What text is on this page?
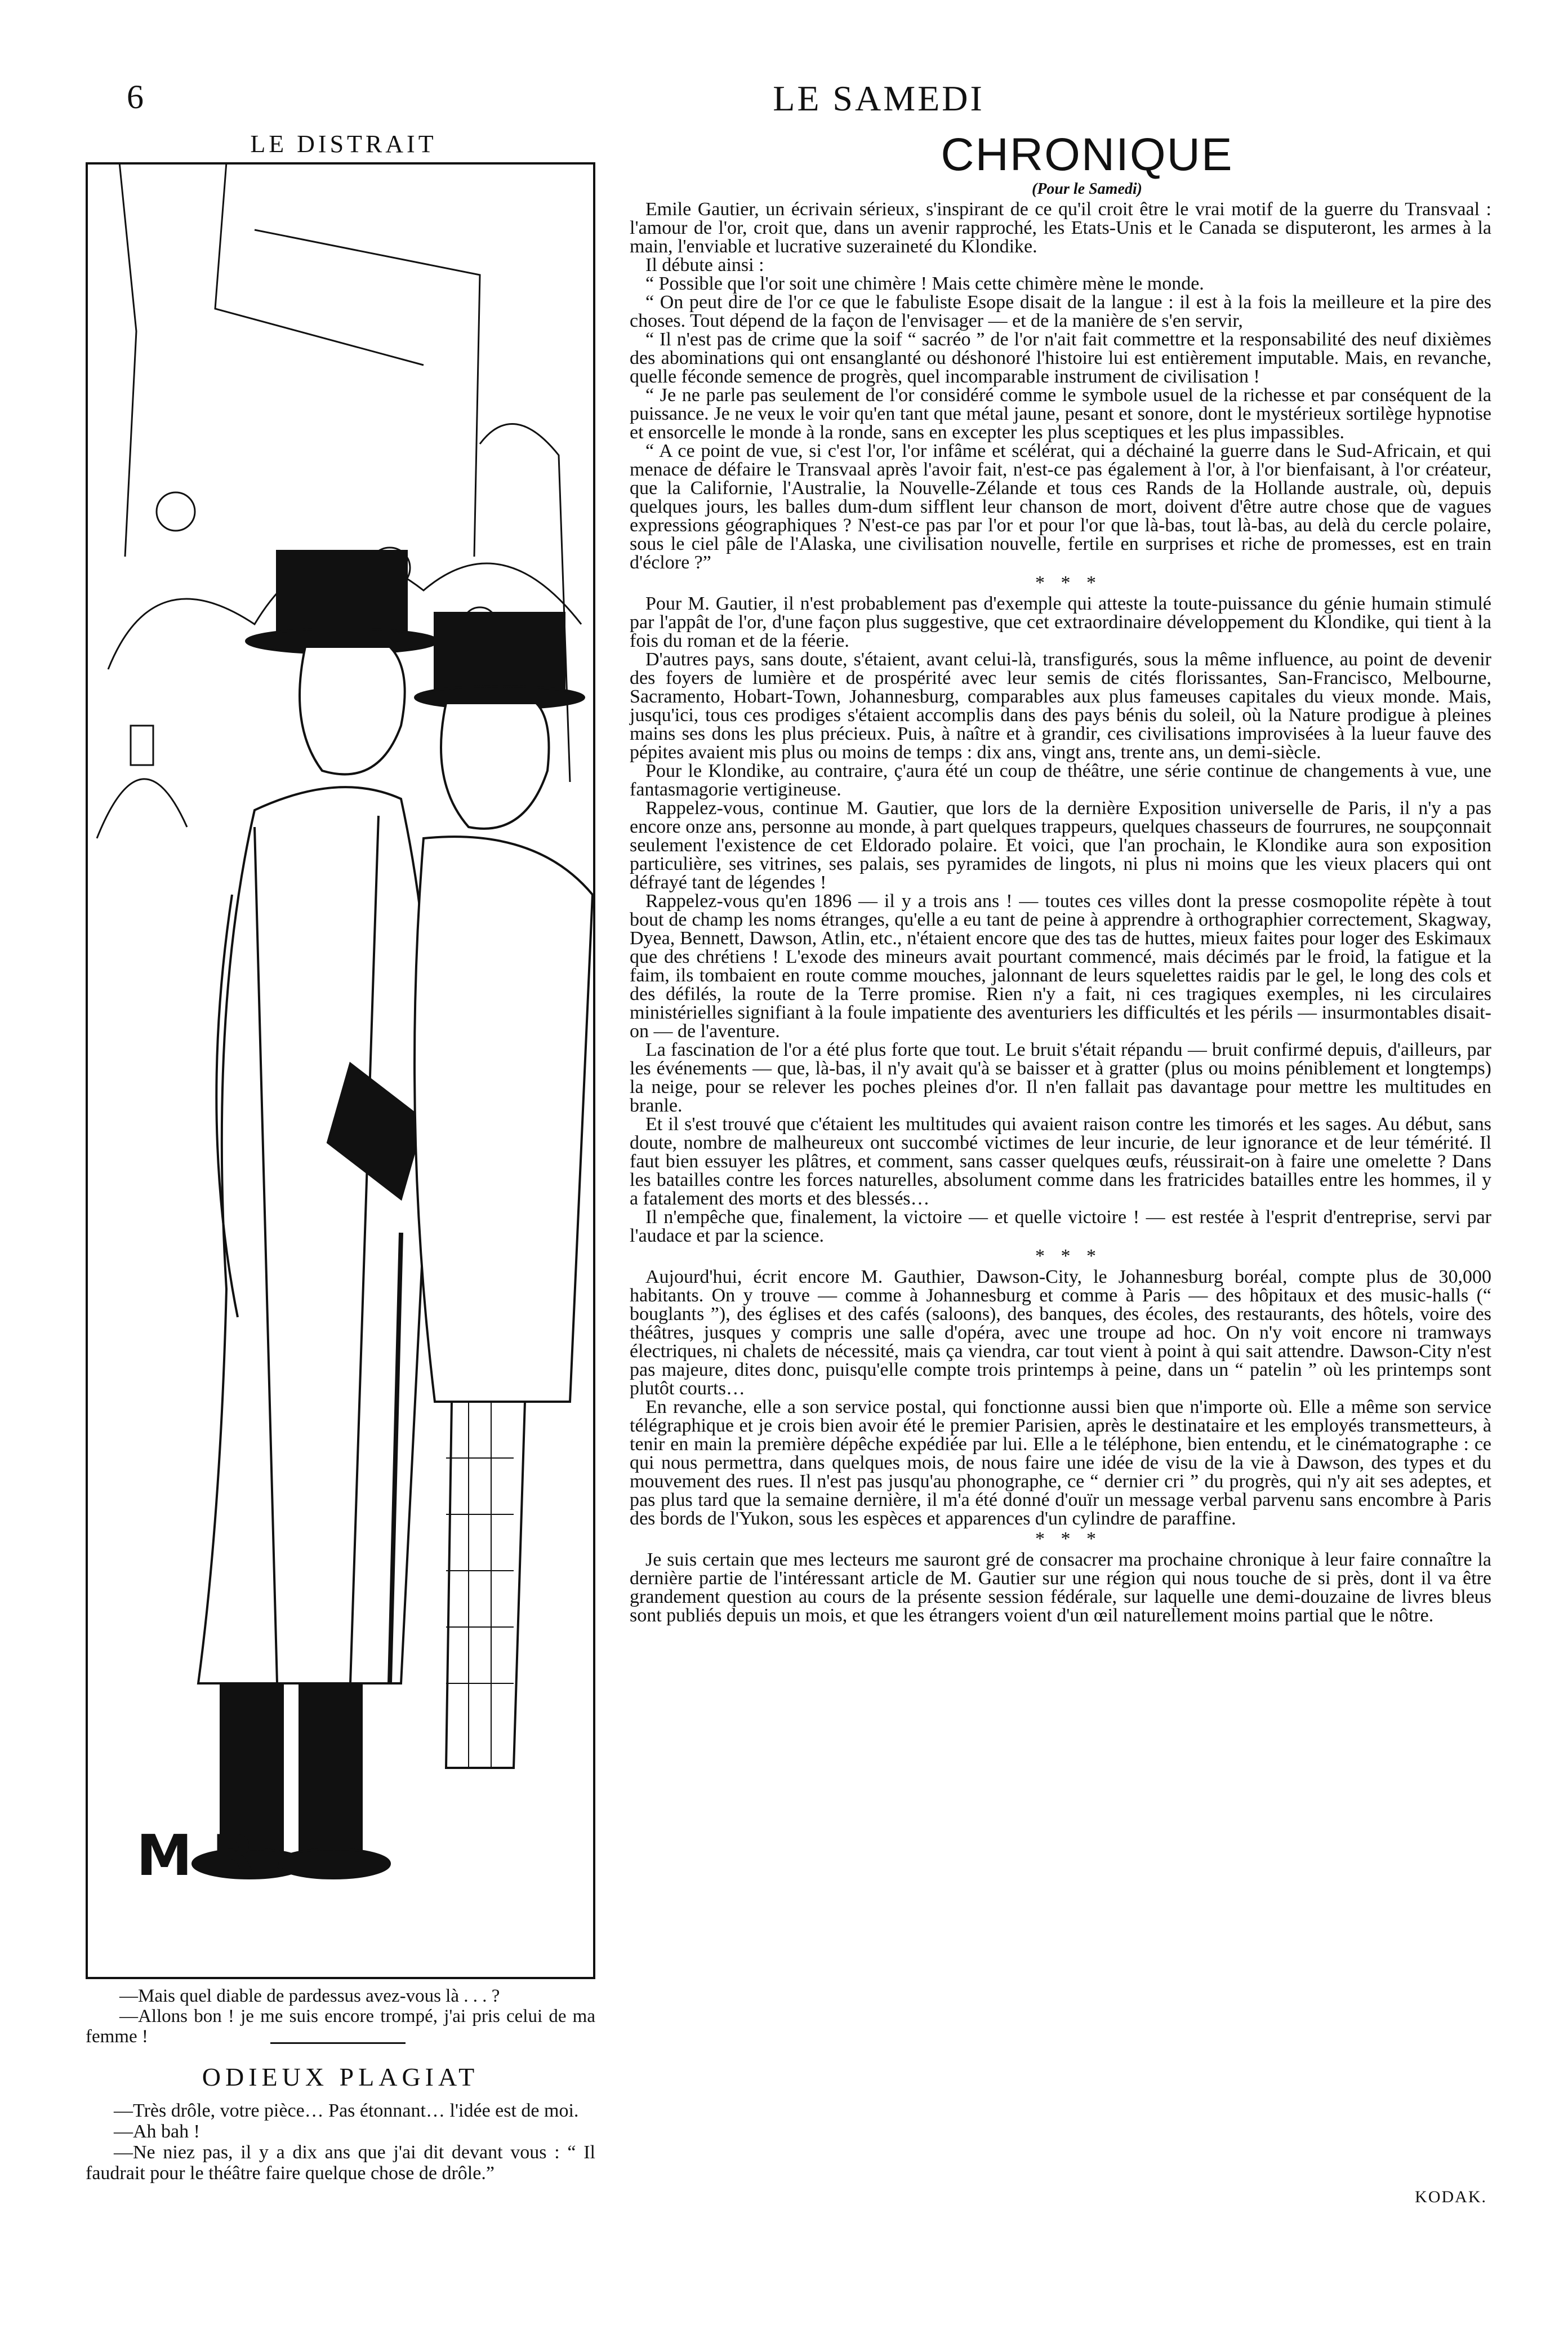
6	LE SAMEDI
LE DISTRAIT
M R

—Mais quel diable de pardessus avez-vous là . . . ?

—Allons bon ! je me suis encore trompé, j'ai pris celui de ma femme !

ODIEUX PLAGIAT

—Très drôle, votre pièce… Pas étonnant… l'idée est de moi.

—Ah bah !

—Ne niez pas, il y a dix ans que j'ai dit devant vous : “ Il faudrait pour le théâtre faire quelque chose de drôle.”

CHRONIQUE
(Pour le Samedi)

Emile Gautier, un écrivain sérieux, s'inspirant de ce qu'il croit être le vrai motif de la guerre du Transvaal : l'amour de l'or, croit que, dans un avenir rapproché, les Etats-Unis et le Canada se disputeront, les armes à la main, l'enviable et lucrative suzeraineté du Klondike.

Il débute ainsi :

“ Possible que l'or soit une chimère ! Mais cette chimère mène le monde.

“ On peut dire de l'or ce que le fabuliste Esope disait de la langue : il est à la fois la meilleure et la pire des choses. Tout dépend de la façon de l'envisager — et de la manière de s'en servir,

“ Il n'est pas de crime que la soif “ sacréo ” de l'or n'ait fait commettre et la responsabilité des neuf dixièmes des abominations qui ont ensanglanté ou déshonoré l'histoire lui est entièrement imputable. Mais, en revanche, quelle féconde semence de progrès, quel incomparable instrument de civilisation !

“ Je ne parle pas seulement de l'or considéré comme le symbole usuel de la richesse et par conséquent de la puissance. Je ne veux le voir qu'en tant que métal jaune, pesant et sonore, dont le mystérieux sortilège hypnotise et ensorcelle le monde à la ronde, sans en excepter les plus sceptiques et les plus impassibles.

“ A ce point de vue, si c'est l'or, l'or infâme et scélérat, qui a déchainé la guerre dans le Sud-Africain, et qui menace de défaire le Transvaal après l'avoir fait, n'est-ce pas également à l'or, à l'or bienfaisant, à l'or créateur, que la Californie, l'Australie, la Nouvelle-Zélande et tous ces Rands de la Hollande australe, où, depuis quelques jours, les balles dum-dum sifflent leur chanson de mort, doivent d'être autre chose que de vagues expressions géographiques ? N'est-ce pas par l'or et pour l'or que là-bas, tout là-bas, au delà du cercle polaire, sous le ciel pâle de l'Alaska, une civilisation nouvelle, fertile en surprises et riche de promesses, est en train d'éclore ?”

* * *

Pour M. Gautier, il n'est probablement pas d'exemple qui atteste la toute-puissance du génie humain stimulé par l'appât de l'or, d'une façon plus suggestive, que cet extraordinaire développement du Klondike, qui tient à la fois du roman et de la féerie.

D'autres pays, sans doute, s'étaient, avant celui-là, transfigurés, sous la même influence, au point de devenir des foyers de lumière et de prospérité avec leur semis de cités florissantes, San-Francisco, Melbourne, Sacramento, Hobart-Town, Johannesburg, comparables aux plus fameuses capitales du vieux monde. Mais, jusqu'ici, tous ces prodiges s'étaient accomplis dans des pays bénis du soleil, où la Nature prodigue à pleines mains ses dons les plus précieux. Puis, à naître et à grandir, ces civilisations improvisées à la lueur fauve des pépites avaient mis plus ou moins de temps : dix ans, vingt ans, trente ans, un demi-siècle.

Pour le Klondike, au contraire, ç'aura été un coup de théâtre, une série continue de changements à vue, une fantasmagorie vertigineuse.

Rappelez-vous, continue M. Gautier, que lors de la dernière Exposition universelle de Paris, il n'y a pas encore onze ans, personne au monde, à part quelques trappeurs, quelques chasseurs de fourrures, ne soupçonnait seulement l'existence de cet Eldorado polaire. Et voici, que l'an prochain, le Klondike aura son exposition particulière, ses vitrines, ses palais, ses pyramides de lingots, ni plus ni moins que les vieux placers qui ont défrayé tant de légendes !

Rappelez-vous qu'en 1896 — il y a trois ans ! — toutes ces villes dont la presse cosmopolite répète à tout bout de champ les noms étranges, qu'elle a eu tant de peine à apprendre à orthographier correctement, Skagway, Dyea, Bennett, Dawson, Atlin, etc., n'étaient encore que des tas de huttes, mieux faites pour loger des Eskimaux que des chrétiens ! L'exode des mineurs avait pourtant commencé, mais décimés par le froid, la fatigue et la faim, ils tombaient en route comme mouches, jalonnant de leurs squelettes raidis par le gel, le long des cols et des défilés, la route de la Terre promise. Rien n'y a fait, ni ces tragiques exemples, ni les circulaires ministérielles signifiant à la foule impatiente des aventuriers les difficultés et les périls — insurmontables disait-on — de l'aventure.

La fascination de l'or a été plus forte que tout. Le bruit s'était répandu — bruit confirmé depuis, d'ailleurs, par les événements — que, là-bas, il n'y avait qu'à se baisser et à gratter (plus ou moins péniblement et longtemps) la neige, pour se relever les poches pleines d'or. Il n'en fallait pas davantage pour mettre les multitudes en branle.

Et il s'est trouvé que c'étaient les multitudes qui avaient raison contre les timorés et les sages. Au début, sans doute, nombre de malheureux ont succombé victimes de leur incurie, de leur ignorance et de leur témérité. Il faut bien essuyer les plâtres, et comment, sans casser quelques œufs, réussirait-on à faire une omelette ? Dans les batailles contre les forces naturelles, absolument comme dans les fratricides batailles entre les hommes, il y a fatalement des morts et des blessés…

Il n'empêche que, finalement, la victoire — et quelle victoire ! — est restée à l'esprit d'entreprise, servi par l'audace et par la science.

* * *

Aujourd'hui, écrit encore M. Gauthier, Dawson-City, le Johannesburg boréal, compte plus de 30,000 habitants. On y trouve — comme à Johannesburg et comme à Paris — des hôpitaux et des music-halls (“ bouglants ”), des églises et des cafés (saloons), des banques, des écoles, des restaurants, des hôtels, voire des théâtres, jusques y compris une salle d'opéra, avec une troupe ad hoc. On n'y voit encore ni tramways électriques, ni chalets de nécessité, mais ça viendra, car tout vient à point à qui sait attendre. Dawson-City n'est pas majeure, dites donc, puisqu'elle compte trois printemps à peine, dans un “ patelin ” où les printemps sont plutôt courts…

En revanche, elle a son service postal, qui fonctionne aussi bien que n'importe où. Elle a même son service télégraphique et je crois bien avoir été le premier Parisien, après le destinataire et les employés transmetteurs, à tenir en main la première dépêche expédiée par lui. Elle a le téléphone, bien entendu, et le cinématographe : ce qui nous permettra, dans quelques mois, de nous faire une idée de visu de la vie à Dawson, des types et du mouvement des rues. Il n'est pas jusqu'au phonographe, ce “ dernier cri ” du progrès, qui n'y ait ses adeptes, et pas plus tard que la semaine dernière, il m'a été donné d'ouïr un message verbal parvenu sans encombre à Paris des bords de l'Yukon, sous les espèces et apparences d'un cylindre de paraffine.

* * *

Je suis certain que mes lecteurs me sauront gré de consacrer ma prochaine chronique à leur faire connaître la dernière partie de l'intéressant article de M. Gautier sur une région qui nous touche de si près, dont il va être grandement question au cours de la présente session fédérale, sur laquelle une demi-douzaine de livres bleus sont publiés depuis un mois, et que les étrangers voient d'un œil naturellement moins partial que le nôtre.

KODAK.
